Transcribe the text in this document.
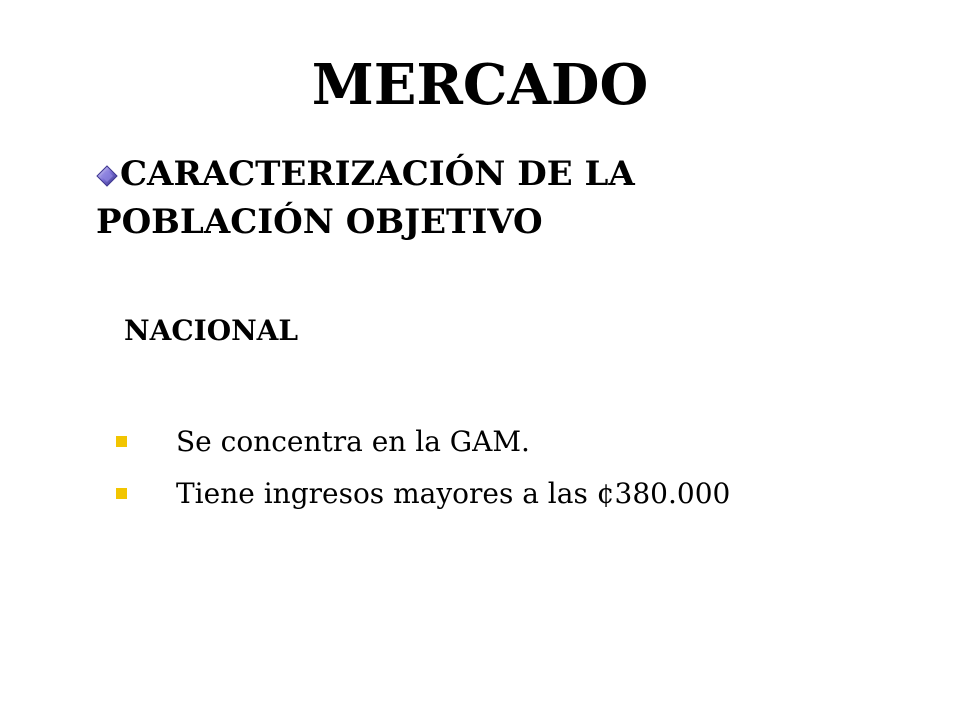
MERCADO

CARACTERIZACIÓN DE LA POBLACIÓN OBJETIVO

NACIONAL

Se concentra en la GAM.
Tiene ingresos mayores a las ¢380.000
